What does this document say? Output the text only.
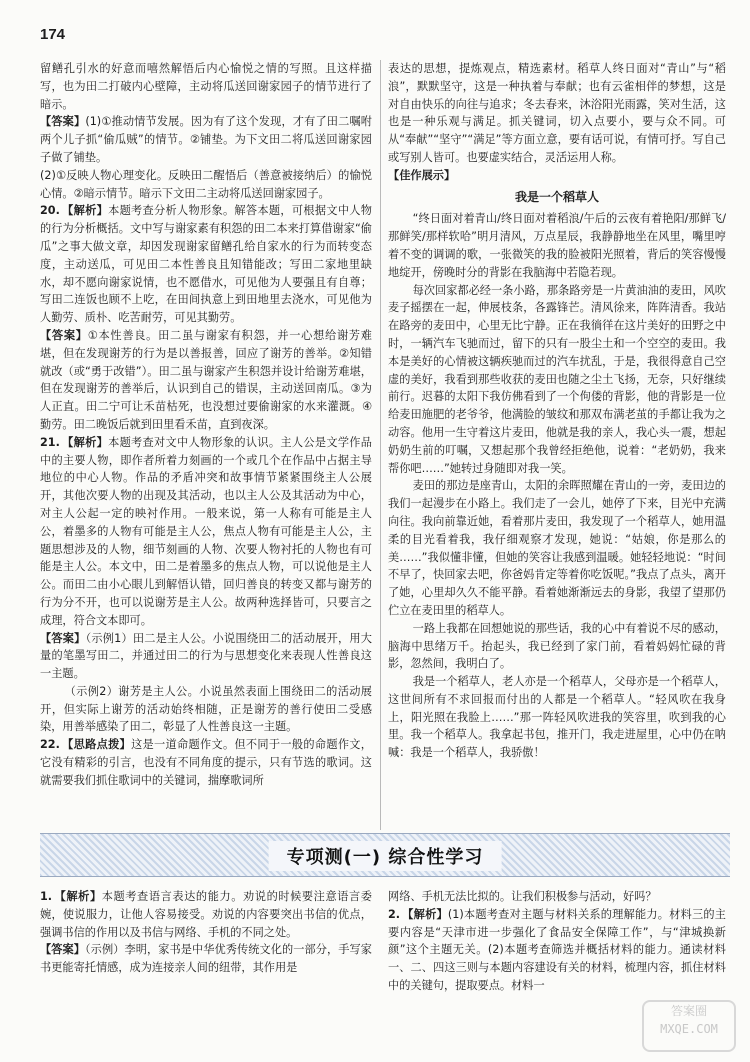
174

留鳝孔引水的好意而嘻然解悟后内心愉悦之情的写照。且这样描写，也为田二打破内心壁障，主动将瓜送回谢家园子的情节进行了暗示。

【答案】(1)①推动情节发展。因为有了这个发现，才有了田二嘱咐两个儿子抓“偷瓜贼”的情节。②铺垫。为下文田二将瓜送回谢家园子做了铺垫。

(2)①反映人物心理变化。反映田二醒悟后（善意被接纳后）的愉悦心情。②暗示情节。暗示下文田二主动将瓜送回谢家园子。

20. 【解析】本题考查分析人物形象。解答本题，可根据文中人物的行为分析概括。文中写与谢家素有积怨的田二本来打算借谢家“偷瓜”之事大做文章，却因发现谢家留鳝孔给自家水的行为而转变态度，主动送瓜，可见田二本性善良且知错能改；写田二家地里缺水，却不愿向谢家说情，也不愿借水，可见他为人要强且有自尊；写田二连饭也顾不上吃，在田间执意上到田地里去浇水，可见他为人勤劳、质朴、吃苦耐劳，可见其勤劳。

【答案】①本性善良。田二虽与谢家有积怨，并一心想给谢芳难堪，但在发现谢芳的行为是以善报善，回应了谢芳的善举。②知错就改（或“勇于改错”）。田二虽与谢家产生积怨并设计给谢芳难堪，但在发现谢芳的善举后，认识到自己的错误，主动送回南瓜。③为人正直。田二宁可让禾苗枯死，也没想过要偷谢家的水来灌溉。④勤劳。田二晚饭后就到田里看禾苗，直到夜深。

21. 【解析】本题考查对文中人物形象的认识。主人公是文学作品中的主要人物，即作者所着力刻画的一个或几个在作品中占据主导地位的中心人物。作品的矛盾冲突和故事情节紧紧围绕主人公展开，其他次要人物的出现及其活动，也以主人公及其活动为中心，对主人公起一定的映衬作用。一般来说，第一人称有可能是主人公，着墨多的人物有可能是主人公，焦点人物有可能是主人公，主题思想涉及的人物，细节刻画的人物、次要人物衬托的人物也有可能是主人公。本文中，田二是着墨多的焦点人物，可以说他是主人公。而田二由小心眼儿到解悟认错，回归善良的转变又都与谢芳的行为分不开，也可以说谢芳是主人公。故两种选择皆可，只要言之成理，符合文本即可。

【答案】（示例1）田二是主人公。小说围绕田二的活动展开，用大量的笔墨写田二，并通过田二的行为与思想变化来表现人性善良这一主题。

（示例2）谢芳是主人公。小说虽然表面上围绕田二的活动展开，但实际上谢芳的活动始终相随，正是谢芳的善行使田二受感染，用善举感染了田二，彰显了人性善良这一主题。

22. 【思路点拨】这是一道命题作文。但不同于一般的命题作文，它没有精彩的引言，也没有不同角度的提示，只有节选的歌词。这就需要我们抓住歌词中的关键词，揣摩歌词所

表达的思想，提炼观点，精选素材。稻草人终日面对“青山”与“稻浪”，默默坚守，这是一种执着与奉献；也有云雀相伴的梦想，这是对自由快乐的向往与追求；冬去春来，沐浴阳光雨露，笑对生活，这也是一种乐观与满足。抓关键词，切入点要小，要与众不同。可从“奉献”“坚守”“满足”等方面立意，要有话可说，有情可抒。写自己或写别人皆可。也要虚实结合，灵活运用人称。

【佳作展示】

我是一个稻草人

“终日面对着青山/终日面对着稻浪/午后的云夜有着艳阳/那鲜飞/那鲜笑/那样软哈”明月清风，万点星辰，我静静地坐在风里，嘴里哼着不变的调调的歌，一张微笑的我的脸被阳光照着，背后的笑容慢慢地绽开，傍晚时分的背影在我脑海中若隐若现。

每次回家都必经一条小路，那条路旁是一片黄油油的麦田，风吹麦子摇摆在一起，伸展枝条，各露锋芒。清风徐来，阵阵清香。我站在路旁的麦田中，心里无比宁静。正在我徜徉在这片美好的田野之中时，一辆汽车飞驰而过，留下的只有一股尘土和一个空空的麦田。我本是美好的心情被这辆疾驰而过的汽车扰乱，于是，我很得意自己空虚的美好，我看到那些收获的麦田也随之尘土飞扬，无奈，只好继续前行。迟暮的太阳下我仿佛看到了一个佝偻的背影，他的背影是一位给麦田施肥的老爷爷，他满脸的皱纹和那双布满老茧的手都让我为之动容。他用一生守着这片麦田，他就是我的亲人，我心头一震，想起奶奶生前的叮嘱，又想起那个我曾经拒绝他，说着：“老奶奶，我来帮你吧……”她转过身随即对我一笑。

麦田的那边是座青山，太阳的余晖照耀在青山的一旁，麦田边的我们一起漫步在小路上。我们走了一会儿，她停了下来，目光中充满向往。我向前靠近她，看着那片麦田，我发现了一个稻草人，她用温柔的目光看着我，我仔细观察才发现，她说：“姑娘，你是那么的美……”我似懂非懂，但她的笑容让我感到温暖。她轻轻地说：“时间不早了，快回家去吧，你爸妈肯定等着你吃饭呢。”我点了点头，离开了她，心里却久久不能平静。看着她渐渐远去的身影，我望了望那仍伫立在麦田里的稻草人。

一路上我都在回想她说的那些话，我的心中有着说不尽的感动，脑海中思绪万千。抬起头，我已经到了家门前，看着妈妈忙碌的背影，忽然间，我明白了。

我是一个稻草人，老人亦是一个稻草人，父母亦是一个稻草人，这世间所有不求回报而付出的人都是一个稻草人。“轻风吹在我身上，阳光照在我脸上……”那一阵轻风吹进我的笑容里，吹到我的心里。我一个稻草人。我拿起书包，推开门，我走进屋里，心中仍在呐喊：我是一个稻草人，我骄傲！

专项测(一) 综合性学习

1. 【解析】本题考查语言表达的能力。劝说的时候要注意语言委婉，使说服力，让他人容易接受。劝说的内容要突出书信的优点，强调书信的作用以及书信与网络、手机的不同之处。

【答案】（示例）李明，家书是中华优秀传统文化的一部分，手写家书更能寄托情感，成为连接亲人间的纽带，其作用是

网络、手机无法比拟的。让我们积极参与活动，好吗？

2. 【解析】(1)本题考查对主题与材料关系的理解能力。材料三的主要内容是“天津市进一步强化了食品安全保障工作”，与“津城换新颜”这个主题无关。(2)本题考查筛选并概括材料的能力。通读材料一、二、四这三则与本题内容建设有关的材料，梳理内容，抓住材料中的关键句，提取要点。材料一

答案圈
MXQE.COM
